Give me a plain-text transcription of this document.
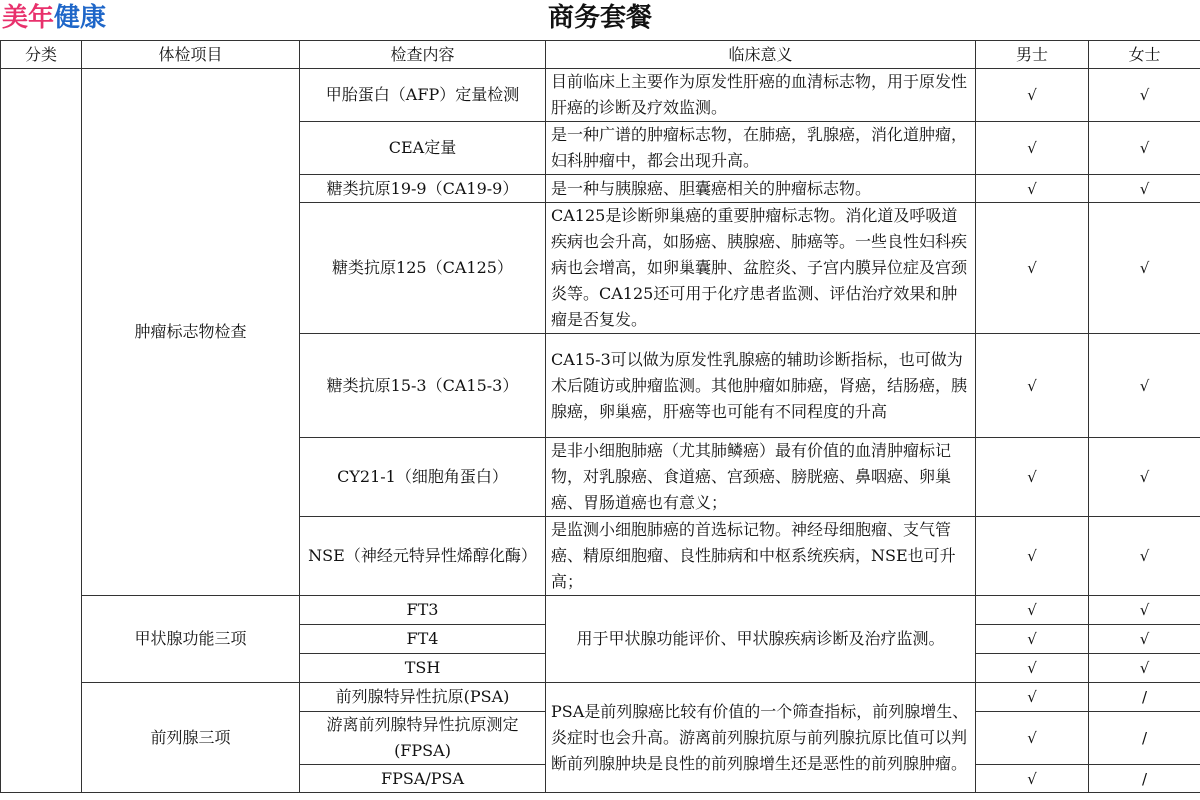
美年健康	商务套餐
分类	体检项目	检查内容	临床意义	男士	女士
	肿瘤标志物检查	甲胎蛋白（AFP）定量检测	目前临床上主要作为原发性肝癌的血清标志物，用于原发性肝癌的诊断及疗效监测。	√	√
		CEA定量	是一种广谱的肿瘤标志物，在肺癌，乳腺癌，消化道肿瘤，妇科肿瘤中，都会出现升高。	√	√
		糖类抗原19-9（CA19-9）	是一种与胰腺癌、胆囊癌相关的肿瘤标志物。	√	√
		糖类抗原125（CA125）	CA125是诊断卵巢癌的重要肿瘤标志物。消化道及呼吸道疾病也会升高，如肠癌、胰腺癌、肺癌等。一些良性妇科疾病也会增高，如卵巢囊肿、盆腔炎、子宫内膜异位症及宫颈炎等。CA125还可用于化疗患者监测、评估治疗效果和肿瘤是否复发。	√	√
		糖类抗原15-3（CA15-3）	CA15-3可以做为原发性乳腺癌的辅助诊断指标，也可做为术后随访或肿瘤监测。其他肿瘤如肺癌，肾癌，结肠癌，胰腺癌，卵巢癌，肝癌等也可能有不同程度的升高	√	√
		CY21-1（细胞角蛋白）	是非小细胞肺癌（尤其肺鳞癌）最有价值的血清肿瘤标记物，对乳腺癌、食道癌、宫颈癌、膀胱癌、鼻咽癌、卵巢癌、胃肠道癌也有意义；	√	√
		NSE（神经元特异性烯醇化酶）	是监测小细胞肺癌的首选标记物。神经母细胞瘤、支气管癌、精原细胞瘤、良性肺病和中枢系统疾病，NSE也可升高；	√	√
	甲状腺功能三项	FT3	用于甲状腺功能评价、甲状腺疾病诊断及治疗监测。	√	√
		FT4		√	√
		TSH		√	√
	前列腺三项	前列腺特异性抗原(PSA)	PSA是前列腺癌比较有价值的一个筛查指标，前列腺增生、炎症时也会升高。游离前列腺抗原与前列腺抗原比值可以判断前列腺肿块是良性的前列腺增生还是恶性的前列腺肿瘤。	√	/
		游离前列腺特异性抗原测定(FPSA)		√	/
		FPSA/PSA		√	/
